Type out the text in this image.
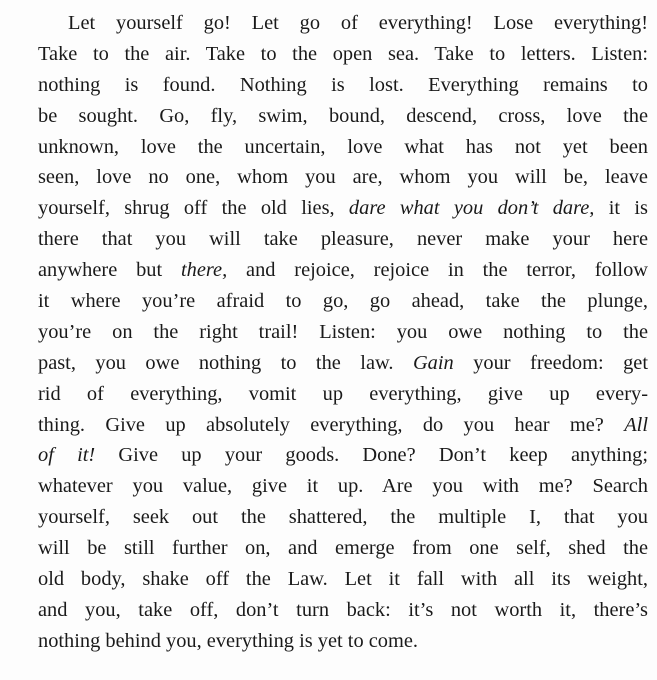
Let yourself go! Let go of everything! Lose everything!
Take to the air. Take to the open sea. Take to letters. Listen:
nothing is found. Nothing is lost. Everything remains to
be sought. Go, fly, swim, bound, descend, cross, love the
unknown, love the uncertain, love what has not yet been
seen, love no one, whom you are, whom you will be, leave
yourself, shrug off the old lies, dare what you don’t dare, it is
there that you will take pleasure, never make your here
anywhere but there, and rejoice, rejoice in the terror, follow
it where you’re afraid to go, go ahead, take the plunge,
you’re on the right trail! Listen: you owe nothing to the
past, you owe nothing to the law. Gain your freedom: get
rid of everything, vomit up everything, give up every-
thing. Give up absolutely everything, do you hear me? All
of it! Give up your goods. Done? Don’t keep anything;
whatever you value, give it up. Are you with me? Search
yourself, seek out the shattered, the multiple I, that you
will be still further on, and emerge from one self, shed the
old body, shake off the Law. Let it fall with all its weight,
and you, take off, don’t turn back: it’s not worth it, there’s
nothing behind you, everything is yet to come.
